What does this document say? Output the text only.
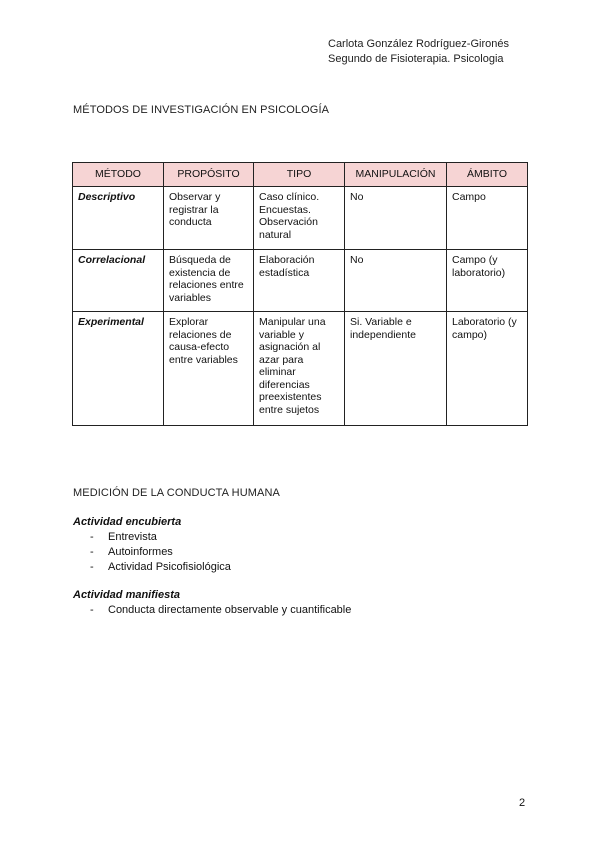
Carlota González Rodríguez-Gironés
Segundo de Fisioterapia. Psicologia
MÉTODOS DE INVESTIGACIÓN EN PSICOLOGÍA
MÉTODO	PROPÓSITO	TIPO	MANIPULACIÓN	ÁMBITO
Descriptivo	Observar y registrar la conducta	Caso clínico. Encuestas. Observación natural	No	Campo
Correlacional	Búsqueda de existencia de relaciones entre variables	Elaboración estadística	No	Campo (y laboratorio)
Experimental	Explorar relaciones de causa-efecto entre variables	Manipular una variable y asignación al azar para eliminar diferencias preexistentes entre sujetos	Si. Variable e independiente	Laboratorio (y campo)
MEDICIÓN DE LA CONDUCTA HUMANA
Actividad encubierta
- Entrevista
- Autoinformes
- Actividad Psicofisiológica
Actividad manifiesta
- Conducta directamente observable y cuantificable
2
